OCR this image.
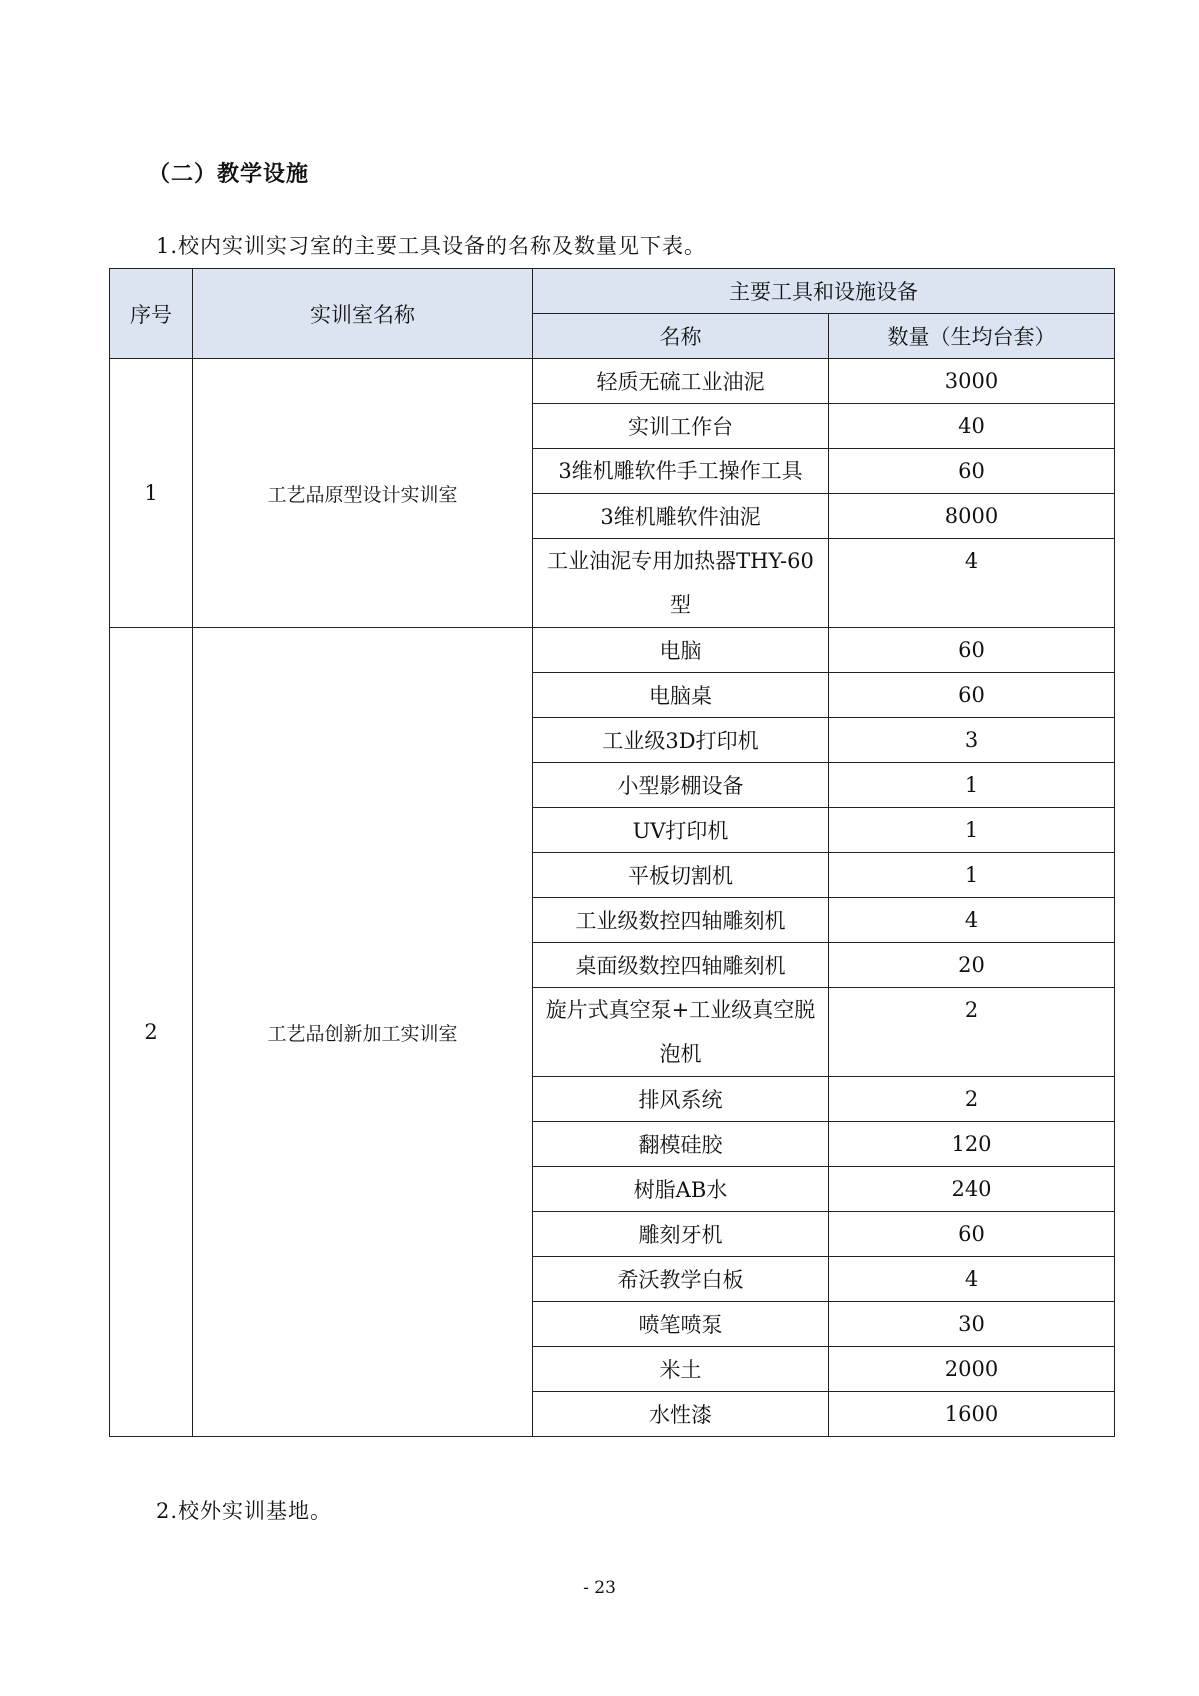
（二）教学设施
1.校内实训实习室的主要工具设备的名称及数量见下表。
序号	实训室名称	主要工具和设施设备	
		名称	数量（生均台套）
1	工艺品原型设计实训室	轻质无硫工业油泥	3000
		实训工作台	40
		3维机雕软件手工操作工具	60

		3维机雕软件油泥	8000
		工业油泥专用加热器THY-60型	4

2	工艺品创新加工实训室	电脑	60
		电脑桌	60
		工业级3D打印机	3
		小型影棚设备	1
		UV打印机	1
		平板切割机	1
		工业级数控四轴雕刻机	4
		桌面级数控四轴雕刻机	20
		旋片式真空泵+工业级真空脱泡机	2

		排风系统	2
		翻模硅胶	120
		树脂AB水	240
		雕刻牙机	60
		希沃教学白板	4
		喷笔喷泵	30
		米土	2000
		水性漆	1600
2.校外实训基地。
- 23
